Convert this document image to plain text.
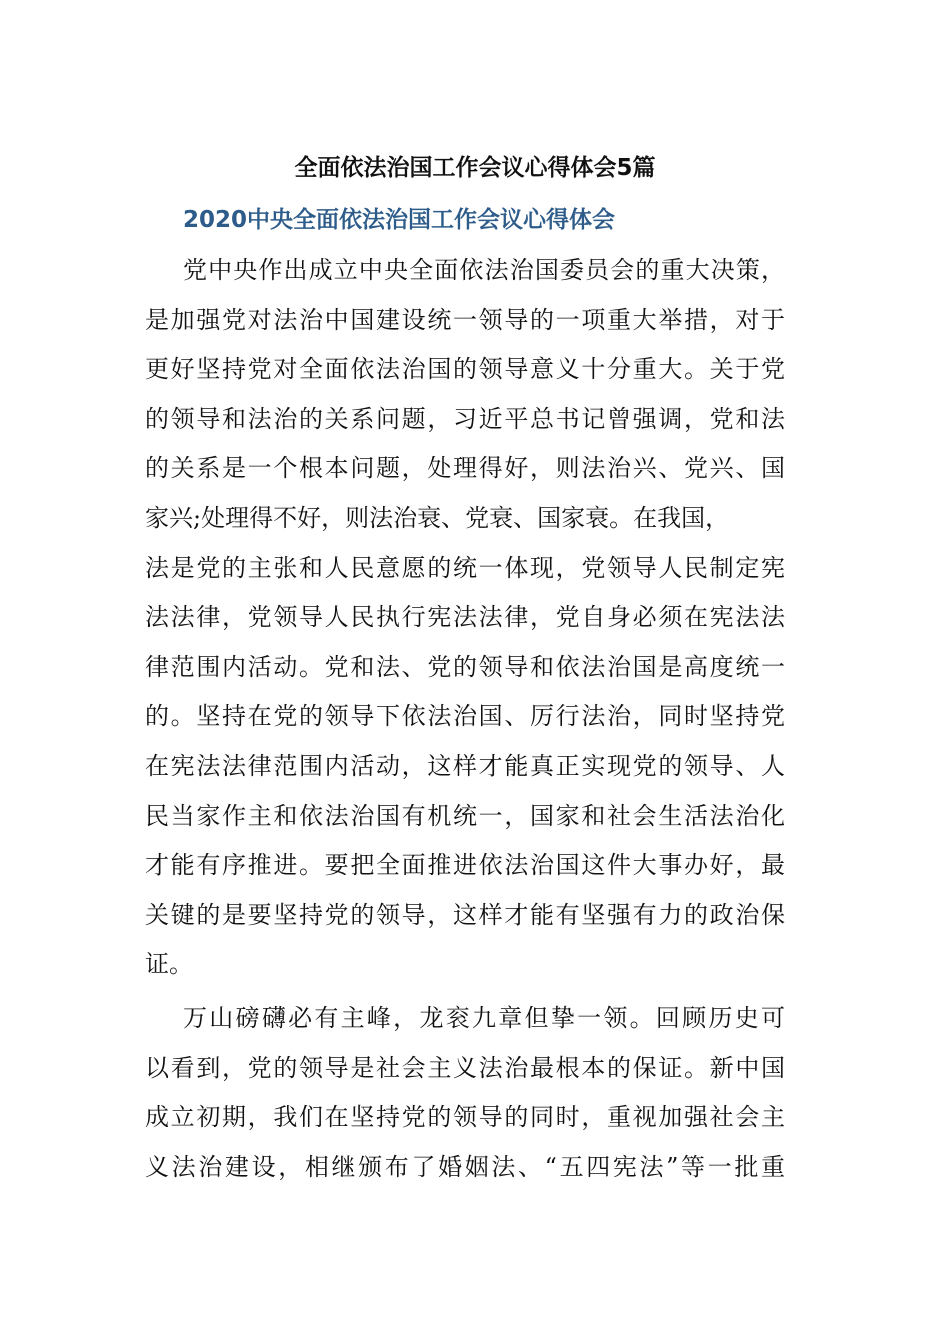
全面依法治国工作会议心得体会5篇
2020中央全面依法治国工作会议心得体会
党中央作出成立中央全面依法治国委员会的重大决策，
是加强党对法治中国建设统一领导的一项重大举措，对于
更好坚持党对全面依法治国的领导意义十分重大。关于党
的领导和法治的关系问题，习近平总书记曾强调，党和法
的关系是一个根本问题，处理得好，则法治兴、党兴、国
家兴;处理得不好，则法治衰、党衰、国家衰。在我国，
法是党的主张和人民意愿的统一体现，党领导人民制定宪
法法律，党领导人民执行宪法法律，党自身必须在宪法法
律范围内活动。党和法、党的领导和依法治国是高度统一
的。坚持在党的领导下依法治国、厉行法治，同时坚持党
在宪法法律范围内活动，这样才能真正实现党的领导、人
民当家作主和依法治国有机统一，国家和社会生活法治化
才能有序推进。要把全面推进依法治国这件大事办好，最
关键的是要坚持党的领导，这样才能有坚强有力的政治保
证。
万山磅礴必有主峰，龙衮九章但挚一领。回顾历史可
以看到，党的领导是社会主义法治最根本的保证。新中国
成立初期，我们在坚持党的领导的同时，重视加强社会主
义法治建设，相继颁布了婚姻法、“五四宪法”等一批重
